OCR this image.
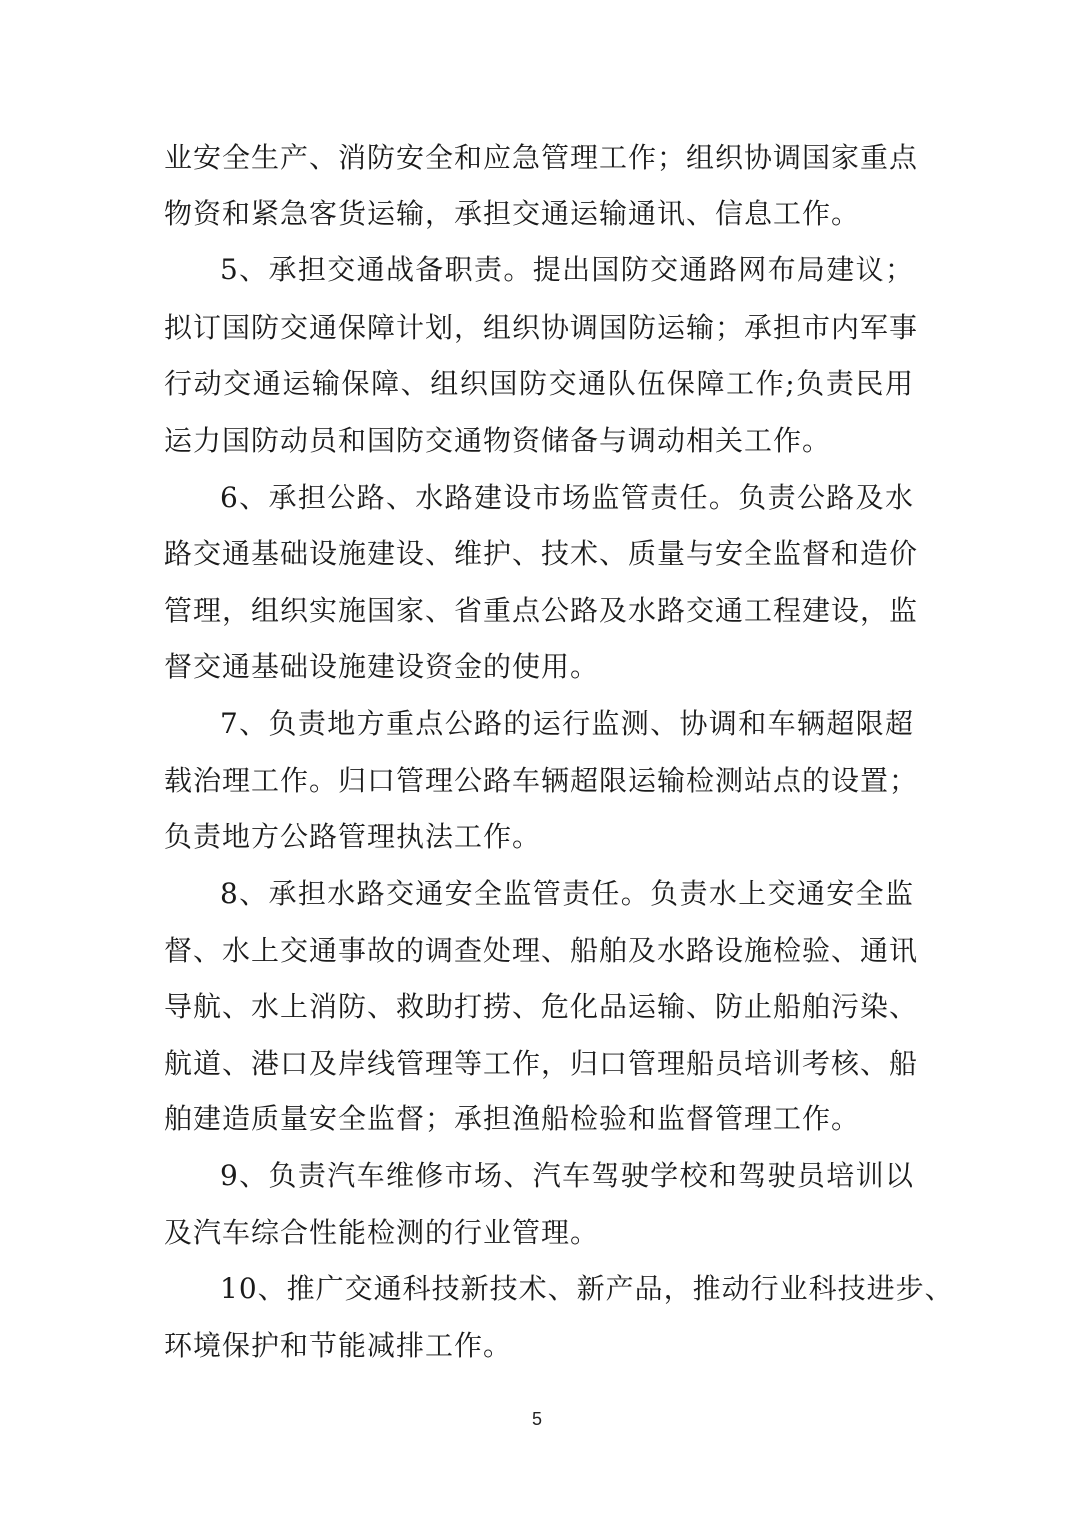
业安全生产、消防安全和应急管理工作；组织协调国家重点
物资和紧急客货运输，承担交通运输通讯、信息工作。
5、承担交通战备职责。提出国防交通路网布局建议；
拟订国防交通保障计划，组织协调国防运输；承担市内军事
行动交通运输保障、组织国防交通队伍保障工作;负责民用
运力国防动员和国防交通物资储备与调动相关工作。
6、承担公路、水路建设市场监管责任。负责公路及水
路交通基础设施建设、维护、技术、质量与安全监督和造价
管理，组织实施国家、省重点公路及水路交通工程建设，监
督交通基础设施建设资金的使用。
7、负责地方重点公路的运行监测、协调和车辆超限超
载治理工作。归口管理公路车辆超限运输检测站点的设置；
负责地方公路管理执法工作。
8、承担水路交通安全监管责任。负责水上交通安全监
督、水上交通事故的调查处理、船舶及水路设施检验、通讯
导航、水上消防、救助打捞、危化品运输、防止船舶污染、
航道、港口及岸线管理等工作，归口管理船员培训考核、船
舶建造质量安全监督；承担渔船检验和监督管理工作。
9、负责汽车维修市场、汽车驾驶学校和驾驶员培训以
及汽车综合性能检测的行业管理。
10、推广交通科技新技术、新产品，推动行业科技进步、
环境保护和节能减排工作。
5
